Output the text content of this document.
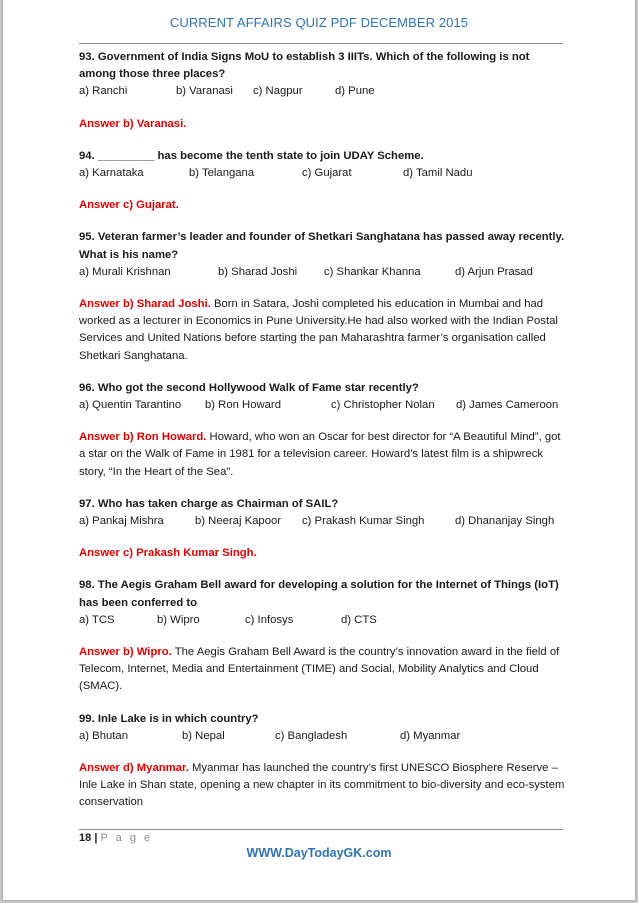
CURRENT AFFAIRS QUIZ PDF DECEMBER 2015

93. Government of India Signs MoU to establish 3 IIITs. Which of the following is not among those three places?

a) Ranchi	b) Varanasi c) Nagpur	d) Pune

Answer b) Varanasi.

94. _________ has become the tenth state to join UDAY Scheme.

a) Karnataka	b) Telangana	c) Gujarat	d) Tamil Nadu

Answer c) Gujarat.

95. Veteran farmer’s leader and founder of Shetkari Sanghatana has passed away recently. What is his name?

a) Murali Krishnan	b) Sharad Joshi c) Shankar Khanna	d) Arjun Prasad

Answer b) Sharad Joshi. Born in Satara, Joshi completed his education in Mumbai and had worked as a lecturer in Economics in Pune University.He had also worked with the Indian Postal Services and United Nations before starting the pan Maharashtra farmer’s organisation called Shetkari Sanghatana.

96. Who got the second Hollywood Walk of Fame star recently?

a) Quentin Tarantino b) Ron Howard	c) Christopher Nolan d) James Cameroon

Answer b) Ron Howard. Howard, who won an Oscar for best director for “A Beautiful Mind”, got a star on the Walk of Fame in 1981 for a television career. Howard’s latest film is a shipwreck story, “In the Heart of the Sea”.

97. Who has taken charge as Chairman of SAIL?

a) Pankaj Mishra	b) Neeraj Kapoor c) Prakash Kumar Singh	d) Dhananjay Singh

Answer c) Prakash Kumar Singh.

98. The Aegis Graham Bell award for developing a solution for the Internet of Things (IoT) has been conferred to

a) TCS	b) Wipro	c) Infosys	d) CTS

Answer b) Wipro. The Aegis Graham Bell Award is the country’s innovation award in the field of Telecom, Internet, Media and Entertainment (TIME) and Social, Mobility Analytics and Cloud (SMAC).

99. Inle Lake is in which country?

a) Bhutan	b) Nepal	c) Bangladesh	d) Myanmar

Answer d) Myanmar. Myanmar has launched the country’s first UNESCO Biosphere Reserve – Inle Lake in Shan state, opening a new chapter in its commitment to bio-diversity and eco-system conservation

18 | P a g e
WWW.DayTodayGK.com
